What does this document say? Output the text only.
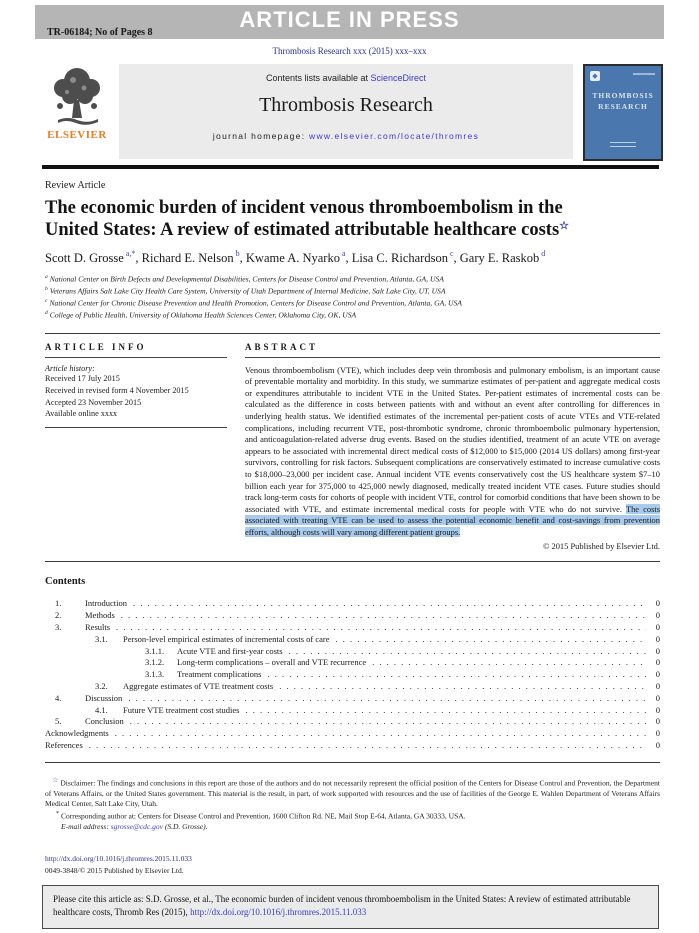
ARTICLE IN PRESS
TR-06184; No of Pages 8
Thrombosis Research xxx (2015) xxx–xxx
ELSEVIER
Contents lists available at ScienceDirect
Thrombosis Research
journal homepage: www.elsevier.com/locate/thromres
◆
THROMBOSIS RESEARCH
Review Article
The economic burden of incident venous thromboembolism in the United States: A review of estimated attributable healthcare costs☆
Scott D. Grosse $^{a,*}$, Richard E. Nelson $^b$, Kwame A. Nyarko $^a$, Lisa C. Richardson $^c$, Gary E. Raskob $^d$
$^a$ National Center on Birth Defects and Developmental Disabilities, Centers for Disease Control and Prevention, Atlanta, GA, USA
$^b$ Veterans Affairs Salt Lake City Health Care System, University of Utah Department of Internal Medicine, Salt Lake City, UT, USA
$^c$ National Center for Chronic Disease Prevention and Health Promotion, Centers for Disease Control and Prevention, Atlanta, GA, USA
$^d$ College of Public Health, University of Oklahoma Health Sciences Center, Oklahoma City, OK, USA
ARTICLE INFO
Article history:
Received 17 July 2015
Received in revised form 4 November 2015
Accepted 23 November 2015
Available online xxxx
ABSTRACT
Venous thromboembolism (VTE), which includes deep vein thrombosis and pulmonary embolism, is an important cause of preventable mortality and morbidity. In this study, we summarize estimates of per-patient and aggregate medical costs or expenditures attributable to incident VTE in the United States. Per-patient estimates of incremental costs can be calculated as the difference in costs between patients with and without an event after controlling for differences in underlying health status. We identified estimates of the incremental per-patient costs of acute VTEs and VTE-related complications, including recurrent VTE, post-thrombotic syndrome, chronic thromboembolic pulmonary hypertension, and anticoagulation-related adverse drug events. Based on the studies identified, treatment of an acute VTE on average appears to be associated with incremental direct medical costs of $12,000 to $15,000 (2014 US dollars) among first-year survivors, controlling for risk factors. Subsequent complications are conservatively estimated to increase cumulative costs to $18,000–23,000 per incident case. Annual incident VTE events conservatively cost the US healthcare system $7–10 billion each year for 375,000 to 425,000 newly diagnosed, medically treated incident VTE cases. Future studies should track long-term costs for cohorts of people with incident VTE, control for comorbid conditions that have been shown to be associated with VTE, and estimate incremental medical costs for people with VTE who do not survive. The costs associated with treating VTE can be used to assess the potential economic benefit and cost-savings from prevention efforts, although costs will vary among different patient groups.
© 2015 Published by Elsevier Ltd.
Contents
1.	Introduction . . .	0
2.	Methods . . .	0
3.	Results . . .	0
3.1.	Person-level empirical estimates of incremental costs of care . . .	0
3.1.1.	Acute VTE and first-year costs . . .	0
3.1.2.	Long-term complications – overall and VTE recurrence . . .	0
3.1.3.	Treatment complications . . .	0
3.2.	Aggregate estimates of VTE treatment costs . . .	0
4.	Discussion . . .	0
4.1.	Future VTE treatment cost studies . . .	0
5.	Conclusion . . .	0
Acknowledgments . . .	0
References . . .	0

☆ Disclaimer: The findings and conclusions in this report are those of the authors and do not necessarily represent the official position of the Centers for Disease Control and Prevention, the Department of Veterans Affairs, or the United States government. This material is the result, in part, of work supported with resources and the use of facilities of the George E. Wahlen Department of Veterans Affairs Medical Center, Salt Lake City, Utah.

* Corresponding author at: Centers for Disease Control and Prevention, 1600 Clifton Rd. NE, Mail Stop E-64, Atlanta, GA 30333, USA.

E-mail address: sgrosse@cdc.gov (S.D. Grosse).

http://dx.doi.org/10.1016/j.thromres.2015.11.033
0049-3848/© 2015 Published by Elsevier Ltd.
Please cite this article as: S.D. Grosse, et al., The economic burden of incident venous thromboembolism in the United States: A review of estimated attributable healthcare costs, Thromb Res (2015), http://dx.doi.org/10.1016/j.thromres.2015.11.033
